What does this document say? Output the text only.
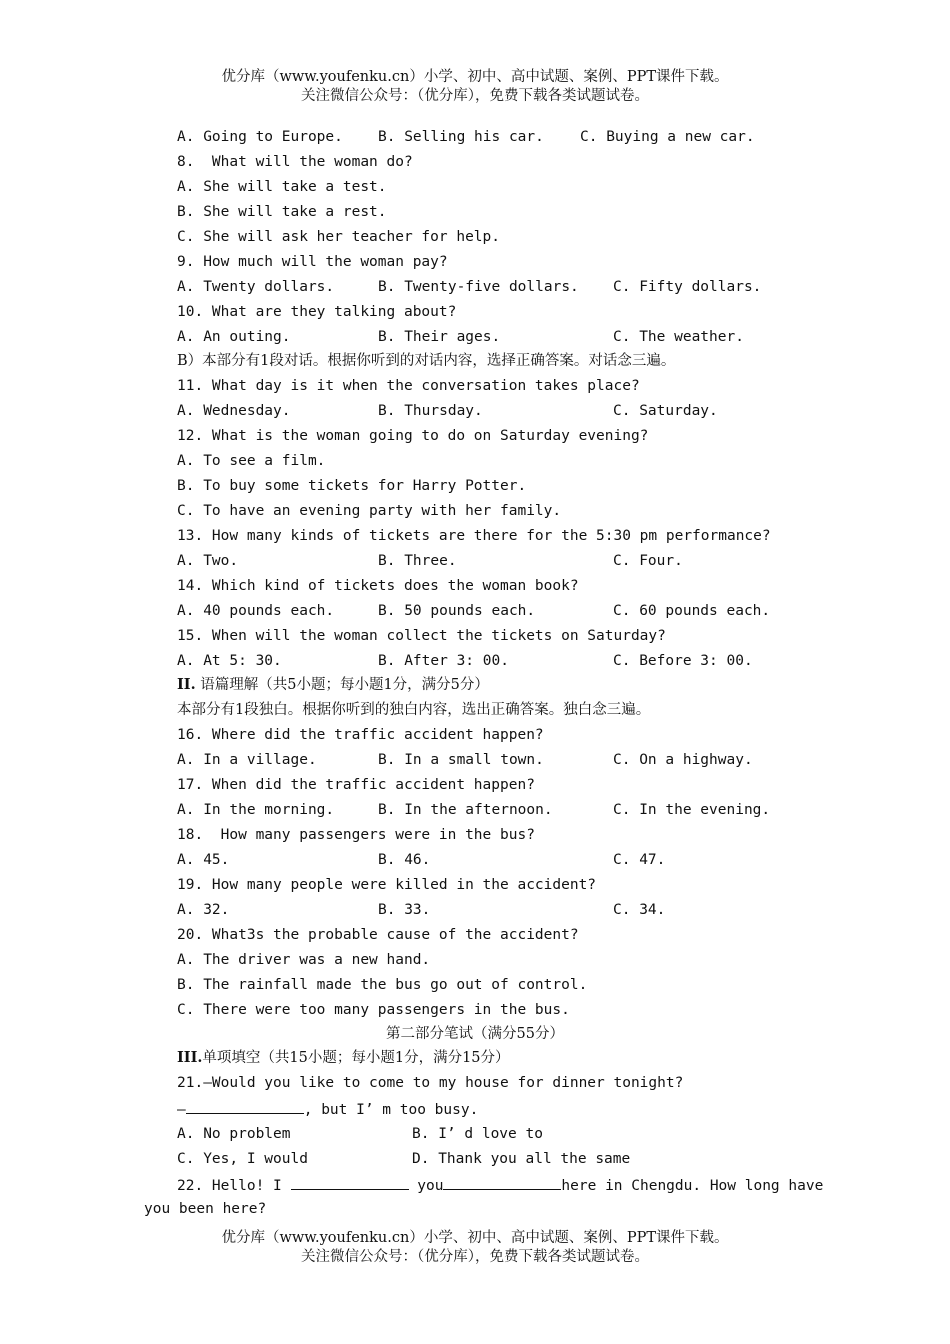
优分库（www.youfenku.cn）小学、初中、高中试题、案例、PPT课件下载。
关注微信公众号：（优分库），免费下载各类试题试卷。
A. Going to Europe. B. Selling his car. C. Buying a new car.
8.  What will the woman do?
A. She will take a test.
B. She will take a rest.
C. She will ask her teacher for help.
9. How much will the woman pay?
A. Twenty dollars.	B. Twenty-five dollars. C. Fifty dollars.
10. What are they talking about?
A. An outing.	B. Their ages.	C. The weather.
B）本部分有1段对话。根据你听到的对话内容，选择正确答案。对话念三遍。
11. What day is it when the conversation takes place?
A. Wednesday.	B. Thursday.	C. Saturday.
12. What is the woman going to do on Saturday evening?
A. To see a film.
B. To buy some tickets for Harry Potter.
C. To have an evening party with her family.
13. How many kinds of tickets are there for the 5:30 pm performance?
A. Two.	B. Three.	C. Four.
14. Which kind of tickets does the woman book?
A. 40 pounds each.	B. 50 pounds each.	C. 60 pounds each.
15. When will the woman collect the tickets on Saturday?
A. At 5: 30.	B. After 3: 00.	C. Before 3: 00.
II. 语篇理解（共5小题；每小题1分，满分5分）
本部分有1段独白。根据你听到的独白内容，选出正确答案。独白念三遍。
16. Where did the traffic accident happen?
A. In a village.	B. In a small town.	C. On a highway.
17. When did the traffic accident happen?
A. In the morning.	B. In the afternoon.	C. In the evening.
18.  How many passengers were in the bus?
A. 45.	B. 46.	C. 47.
19. How many people were killed in the accident?
A. 32.	B. 33.	C. 34.
20. What3s the probable cause of the accident?
A. The driver was a new hand.
B. The rainfall made the bus go out of control.
C. There were too many passengers in the bus.
第二部分笔试（满分55分）
III.单项填空（共15小题；每小题1分，满分15分）
21.—Would you like to come to my house for dinner tonight?
—	, but I’ m too busy.
A. No problem	B. I’ d love to
C. Yes, I would	D. Thank you all the same
22. Hello! I	you	here in Chengdu. How long have
you been here?
优分库（www.youfenku.cn）小学、初中、高中试题、案例、PPT课件下载。
关注微信公众号：（优分库），免费下载各类试题试卷。
